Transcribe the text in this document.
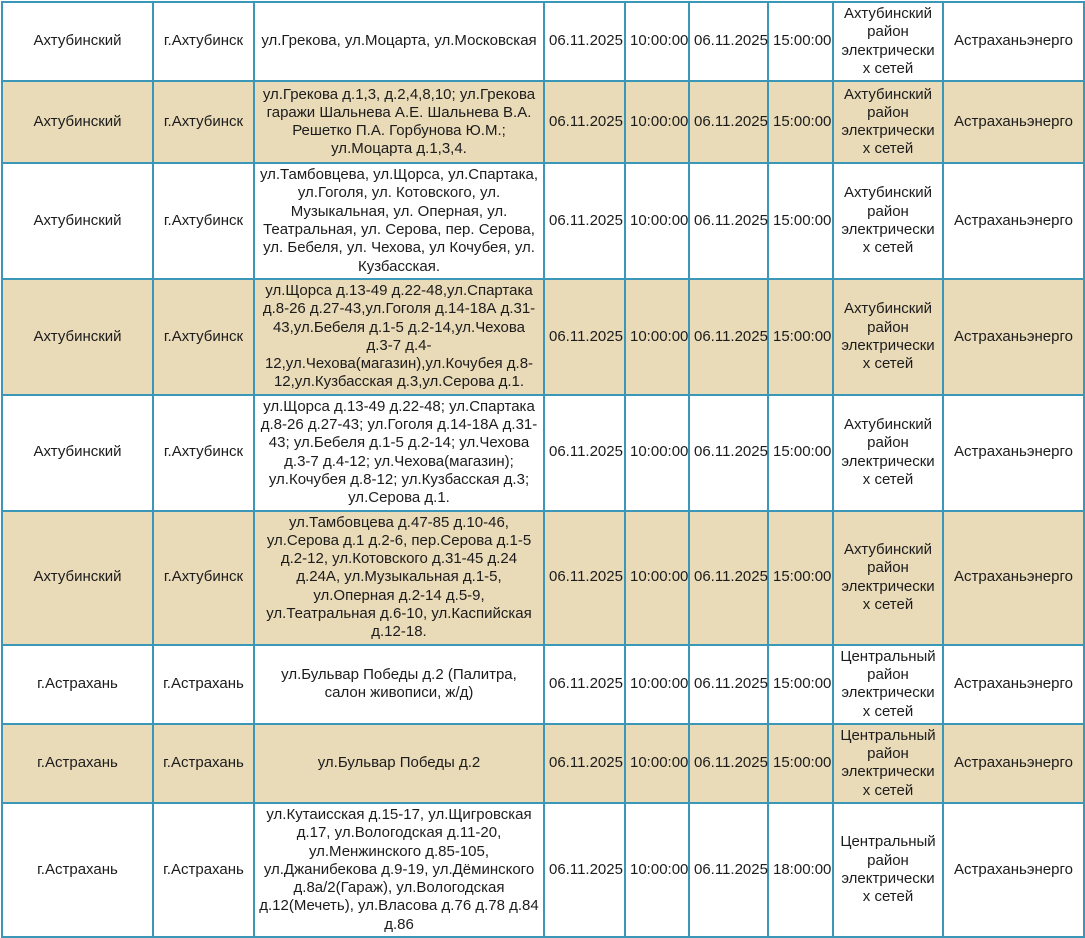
Ахтубинский	г.Ахтубинск	ул.Грекова, ул.Моцарта, ул.Московская	06.11.2025	10:00:00	06.11.2025	15:00:00	Ахтубинский район электрических сетей	Астраханьэнерго
Ахтубинский	г.Ахтубинск	ул.Грекова д.1,3, д.2,4,8,10; ул.Грекова гаражи Шальнева А.Е. Шальнева В.А. Решетко П.А. Горбунова Ю.М.; ул.Моцарта д.1,3,4.	06.11.2025	10:00:00	06.11.2025	15:00:00	Ахтубинский район электрических сетей	Астраханьэнерго
Ахтубинский	г.Ахтубинск	ул.Тамбовцева, ул.Щорса, ул.Спартака, ул.Гоголя, ул. Котовского, ул. Музыкальная, ул. Оперная, ул. Театральная, ул. Серова, пер. Серова, ул. Бебеля, ул. Чехова, ул Кочубея, ул. Кузбасская.	06.11.2025	10:00:00	06.11.2025	15:00:00	Ахтубинский район электрических сетей	Астраханьэнерго
Ахтубинский	г.Ахтубинск	ул.Щорса д.13-49 д.22-48,ул.Спартака д.8-26 д.27-43,ул.Гоголя д.14-18А д.31-43,ул.Бебеля д.1-5 д.2-14,ул.Чехова д.3-7 д.4-12,ул.Чехова(магазин),ул.Кочубея д.8-12,ул.Кузбасская д.3,ул.Серова д.1.	06.11.2025	10:00:00	06.11.2025	15:00:00	Ахтубинский район электрических сетей	Астраханьэнерго
Ахтубинский	г.Ахтубинск	ул.Щорса д.13-49 д.22-48; ул.Спартака д.8-26 д.27-43; ул.Гоголя д.14-18А д.31-43; ул.Бебеля д.1-5 д.2-14; ул.Чехова д.3-7 д.4-12; ул.Чехова(магазин); ул.Кочубея д.8-12; ул.Кузбасская д.3; ул.Серова д.1.	06.11.2025	10:00:00	06.11.2025	15:00:00	Ахтубинский район электрических сетей	Астраханьэнерго
Ахтубинский	г.Ахтубинск	ул.Тамбовцева д.47-85 д.10-46, ул.Серова д.1 д.2-6, пер.Серова д.1-5 д.2-12, ул.Котовского д.31-45 д.24 д.24А, ул.Музыкальная д.1-5, ул.Оперная д.2-14 д.5-9, ул.Театральная д.6-10, ул.Каспийская д.12-18.	06.11.2025	10:00:00	06.11.2025	15:00:00	Ахтубинский район электрических сетей	Астраханьэнерго
г.Астрахань	г.Астрахань	ул.Бульвар Победы д.2 (Палитра, салон живописи, ж/д)	06.11.2025	10:00:00	06.11.2025	15:00:00	Центральный район электрических сетей	Астраханьэнерго
г.Астрахань	г.Астрахань	ул.Бульвар Победы д.2	06.11.2025	10:00:00	06.11.2025	15:00:00	Центральный район электрических сетей	Астраханьэнерго
г.Астрахань	г.Астрахань	ул.Кутаисская д.15-17, ул.Щигровская д.17, ул.Вологодская д.11-20, ул.Менжинского д.85-105, ул.Джанибекова д.9-19, ул.Дёминского д.8а/2(Гараж), ул.Вологодская д.12(Мечеть), ул.Власова д.76 д.78 д.84 д.86	06.11.2025	10:00:00	06.11.2025	18:00:00	Центральный район электрических сетей	Астраханьэнерго
